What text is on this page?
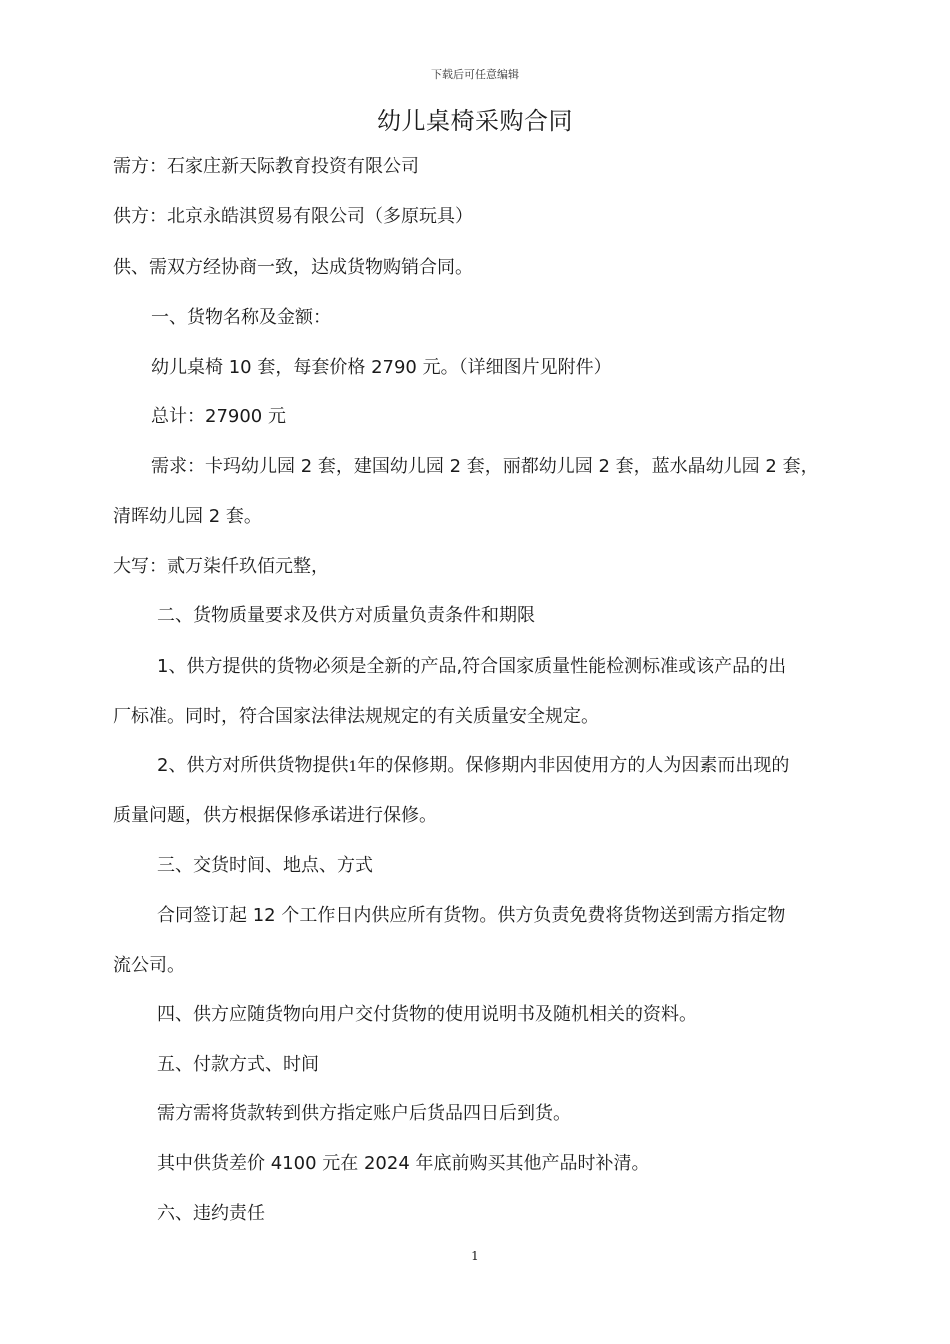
下载后可任意编辑
幼儿桌椅采购合同
需方：石家庄新天际教育投资有限公司
供方：北京永皓淇贸易有限公司（多原玩具）
供、需双方经协商一致，达成货物购销合同。
一、货物名称及金额：
幼儿桌椅 10 套，每套价格 2790 元。（详细图片见附件）
总计：27900 元
需求：卡玛幼儿园 2 套，建国幼儿园 2 套，丽都幼儿园 2 套，蓝水晶幼儿园 2 套，
清晖幼儿园 2 套。
大写：贰万柒仟玖佰元整，
二、货物质量要求及供方对质量负责条件和期限
1、供方提供的货物必须是全新的产品,符合国家质量性能检测标准或该产品的出
厂标准。同时，符合国家法律法规规定的有关质量安全规定。
2、供方对所供货物提供1年的保修期。保修期内非因使用方的人为因素而出现的
质量问题，供方根据保修承诺进行保修。
三、交货时间、地点、方式
合同签订起 12 个工作日内供应所有货物。供方负责免费将货物送到需方指定物
流公司。
四、供方应随货物向用户交付货物的使用说明书及随机相关的资料。
五、付款方式、时间
需方需将货款转到供方指定账户后货品四日后到货。
其中供货差价 4100 元在 2024 年底前购买其他产品时补清。
六、违约责任
1
